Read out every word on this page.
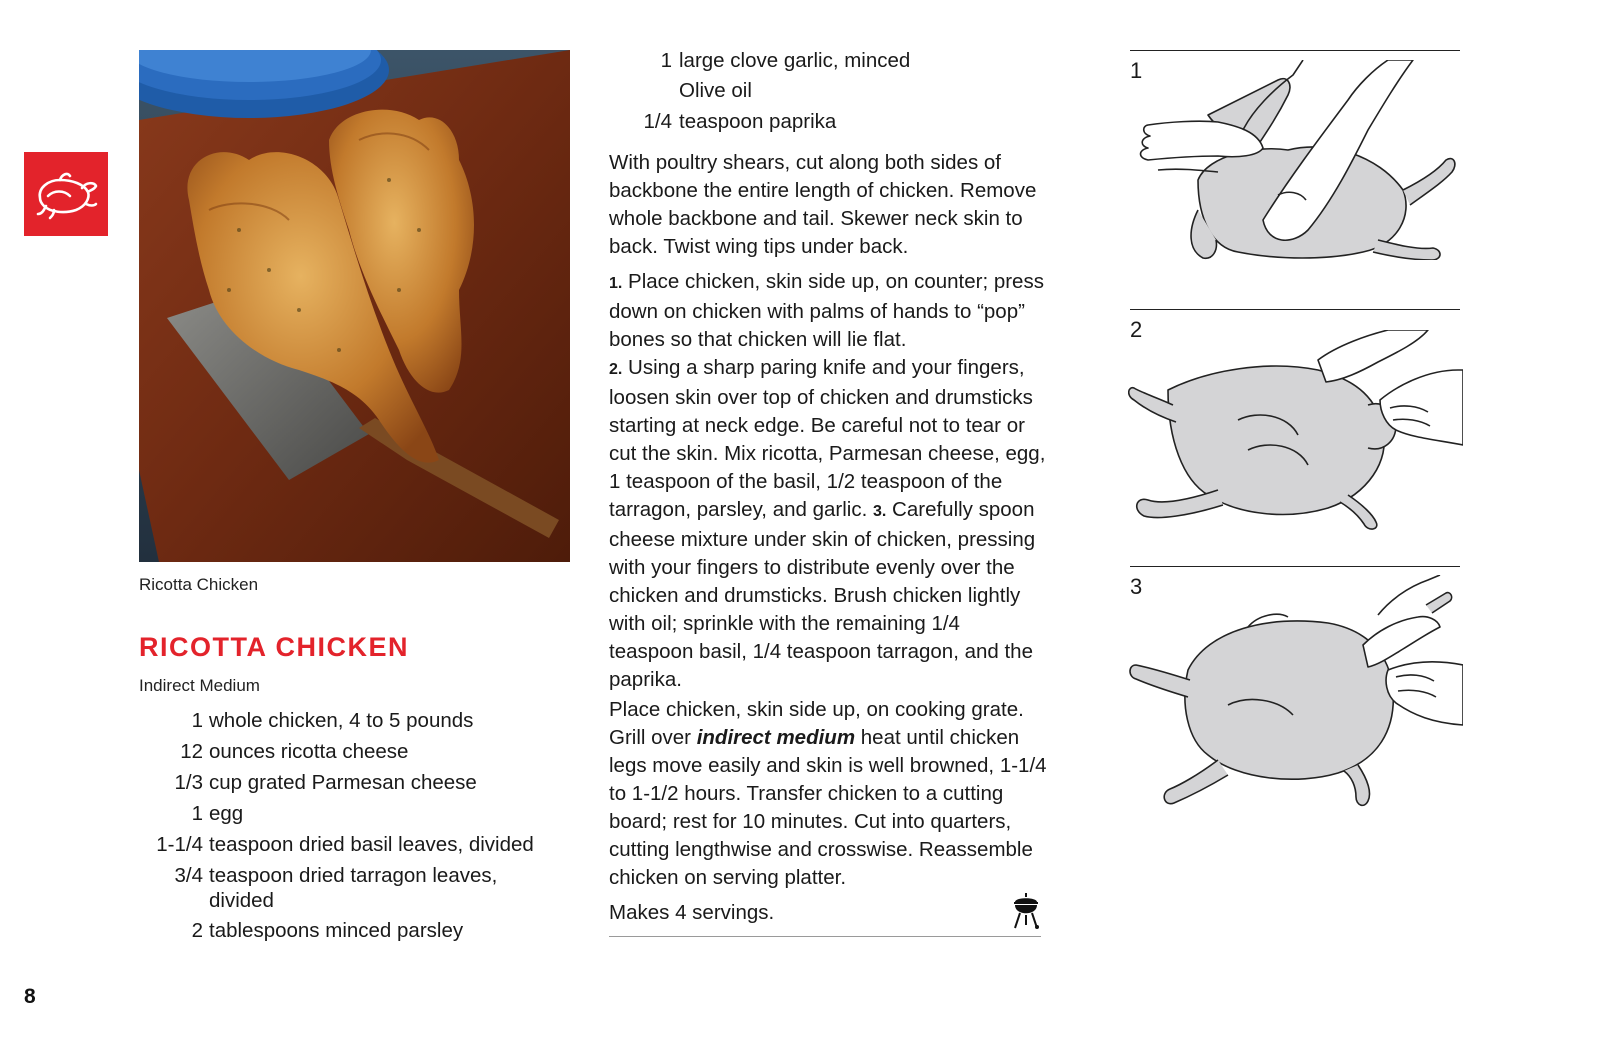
Ricotta Chicken
RICOTTA CHICKEN
Indirect Medium
1 whole chicken, 4 to 5 pounds
12 ounces ricotta cheese
1/3 cup grated Parmesan cheese
1 egg
1-1/4 teaspoon dried basil leaves, divided
3/4 teaspoon dried tarragon leaves,
divided
2 tablespoons minced parsley
1 large clove garlic, minced
Olive oil
1/4 teaspoon paprika
With poultry shears, cut along both sides of backbone the entire length of chicken. Remove whole backbone and tail. Skewer neck skin to back. Twist wing tips under back.
1. Place chicken, skin side up, on counter; press down on chicken with palms of hands to “pop” bones so that chicken will lie flat.
2. Using a sharp paring knife and your fingers, loosen skin over top of chicken and drumsticks starting at neck edge. Be careful not to tear or cut the skin. Mix ricotta, Parmesan cheese, egg, 1 teaspoon of the basil, 1/2 teaspoon of the tarragon, parsley, and garlic. 3. Carefully spoon cheese mixture under skin of chicken, pressing with your fingers to distribute evenly over the chicken and drumsticks. Brush chicken lightly with oil; sprinkle with the remaining 1/4 teaspoon basil, 1/4 teaspoon tarragon, and the paprika.
Place chicken, skin side up, on cooking grate. Grill over indirect medium heat until chicken legs move easily and skin is well browned, 1-1/4 to 1-1/2 hours. Transfer chicken to a cutting board; rest for 10 minutes. Cut into quarters, cutting lengthwise and crosswise. Reassemble chicken on serving platter.
Makes 4 servings.
1
2
3
8
